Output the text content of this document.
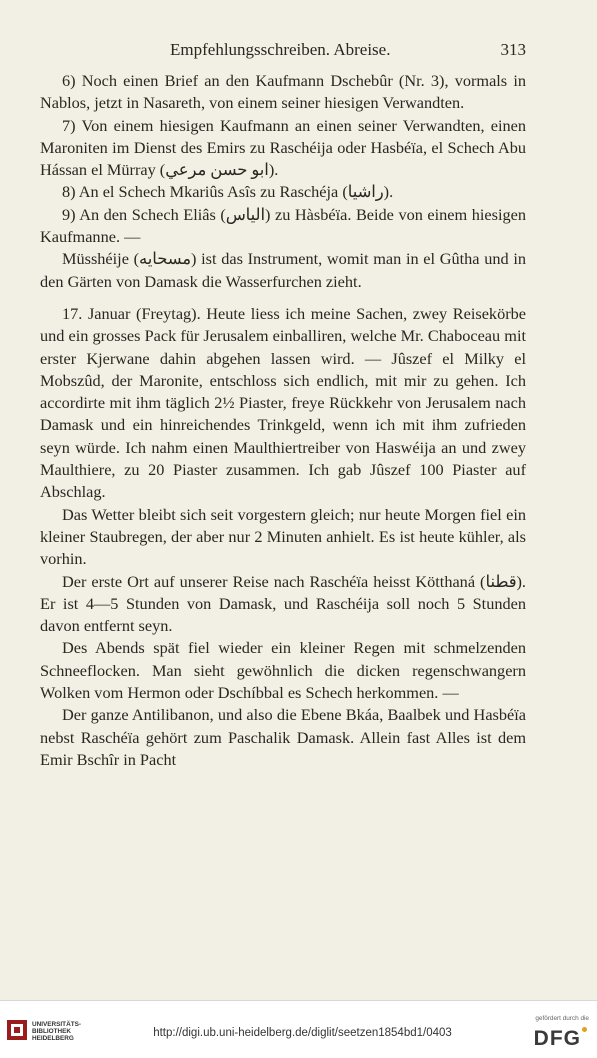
Empfehlungsschreiben. Abreise.	313

6) Noch einen Brief an den Kaufmann Dschebûr (Nr. 3), vormals in Nablos, jetzt in Nasareth, von einem seiner hiesigen Verwandten.

7) Von einem hiesigen Kaufmann an einen seiner Verwandten, einen Maroniten im Dienst des Emirs zu Raschéija oder Hasbéïa, el Schech Abu Hássan el Mürray (ابو حسن مرعي).

8) An el Schech Mkariûs Asîs zu Raschéja (راشيا).

9) An den Schech Eliâs (الياس) zu Hàsbéïa. Beide von einem hiesigen Kaufmanne. —

Müsshéije (مسحايه) ist das Instrument, womit man in el Gûtha und in den Gärten von Damask die Wasserfurchen zieht.

17. Januar (Freytag). Heute liess ich meine Sachen, zwey Reisekörbe und ein grosses Pack für Jerusalem einballiren, welche Mr. Chaboceau mit erster Kjerwane dahin abgehen lassen wird. — Jûszef el Milky el Mobszûd, der Maronite, entschloss sich endlich, mit mir zu gehen. Ich accordirte mit ihm täglich 2½ Piaster, freye Rückkehr von Jerusalem nach Damask und ein hinreichendes Trinkgeld, wenn ich mit ihm zufrieden seyn würde. Ich nahm einen Maulthiertreiber von Haswéija an und zwey Maulthiere, zu 20 Piaster zusammen. Ich gab Jûszef 100 Piaster auf Abschlag.

Das Wetter bleibt sich seit vorgestern gleich; nur heute Morgen fiel ein kleiner Staubregen, der aber nur 2 Minuten anhielt. Es ist heute kühler, als vorhin.

Der erste Ort auf unserer Reise nach Raschéïa heisst Kötthaná (قطنا). Er ist 4—5 Stunden von Damask, und Raschéija soll noch 5 Stunden davon entfernt seyn.

Des Abends spät fiel wieder ein kleiner Regen mit schmelzenden Schneeflocken. Man sieht gewöhnlich die dicken regenschwangern Wolken vom Hermon oder Dschíbbal es Schech herkommen. —

Der ganze Antilibanon, und also die Ebene Bkáa, Baalbek und Hasbéïa nebst Raschéïa gehört zum Paschalik Damask. Allein fast Alles ist dem Emir Bschîr in Pacht

UNIVERSITÄTS-
BIBLIOTHEK
HEIDELBERG	http://digi.ub.uni-heidelberg.de/diglit/seetzen1854bd1/0403
gefördert durch die
DFG
